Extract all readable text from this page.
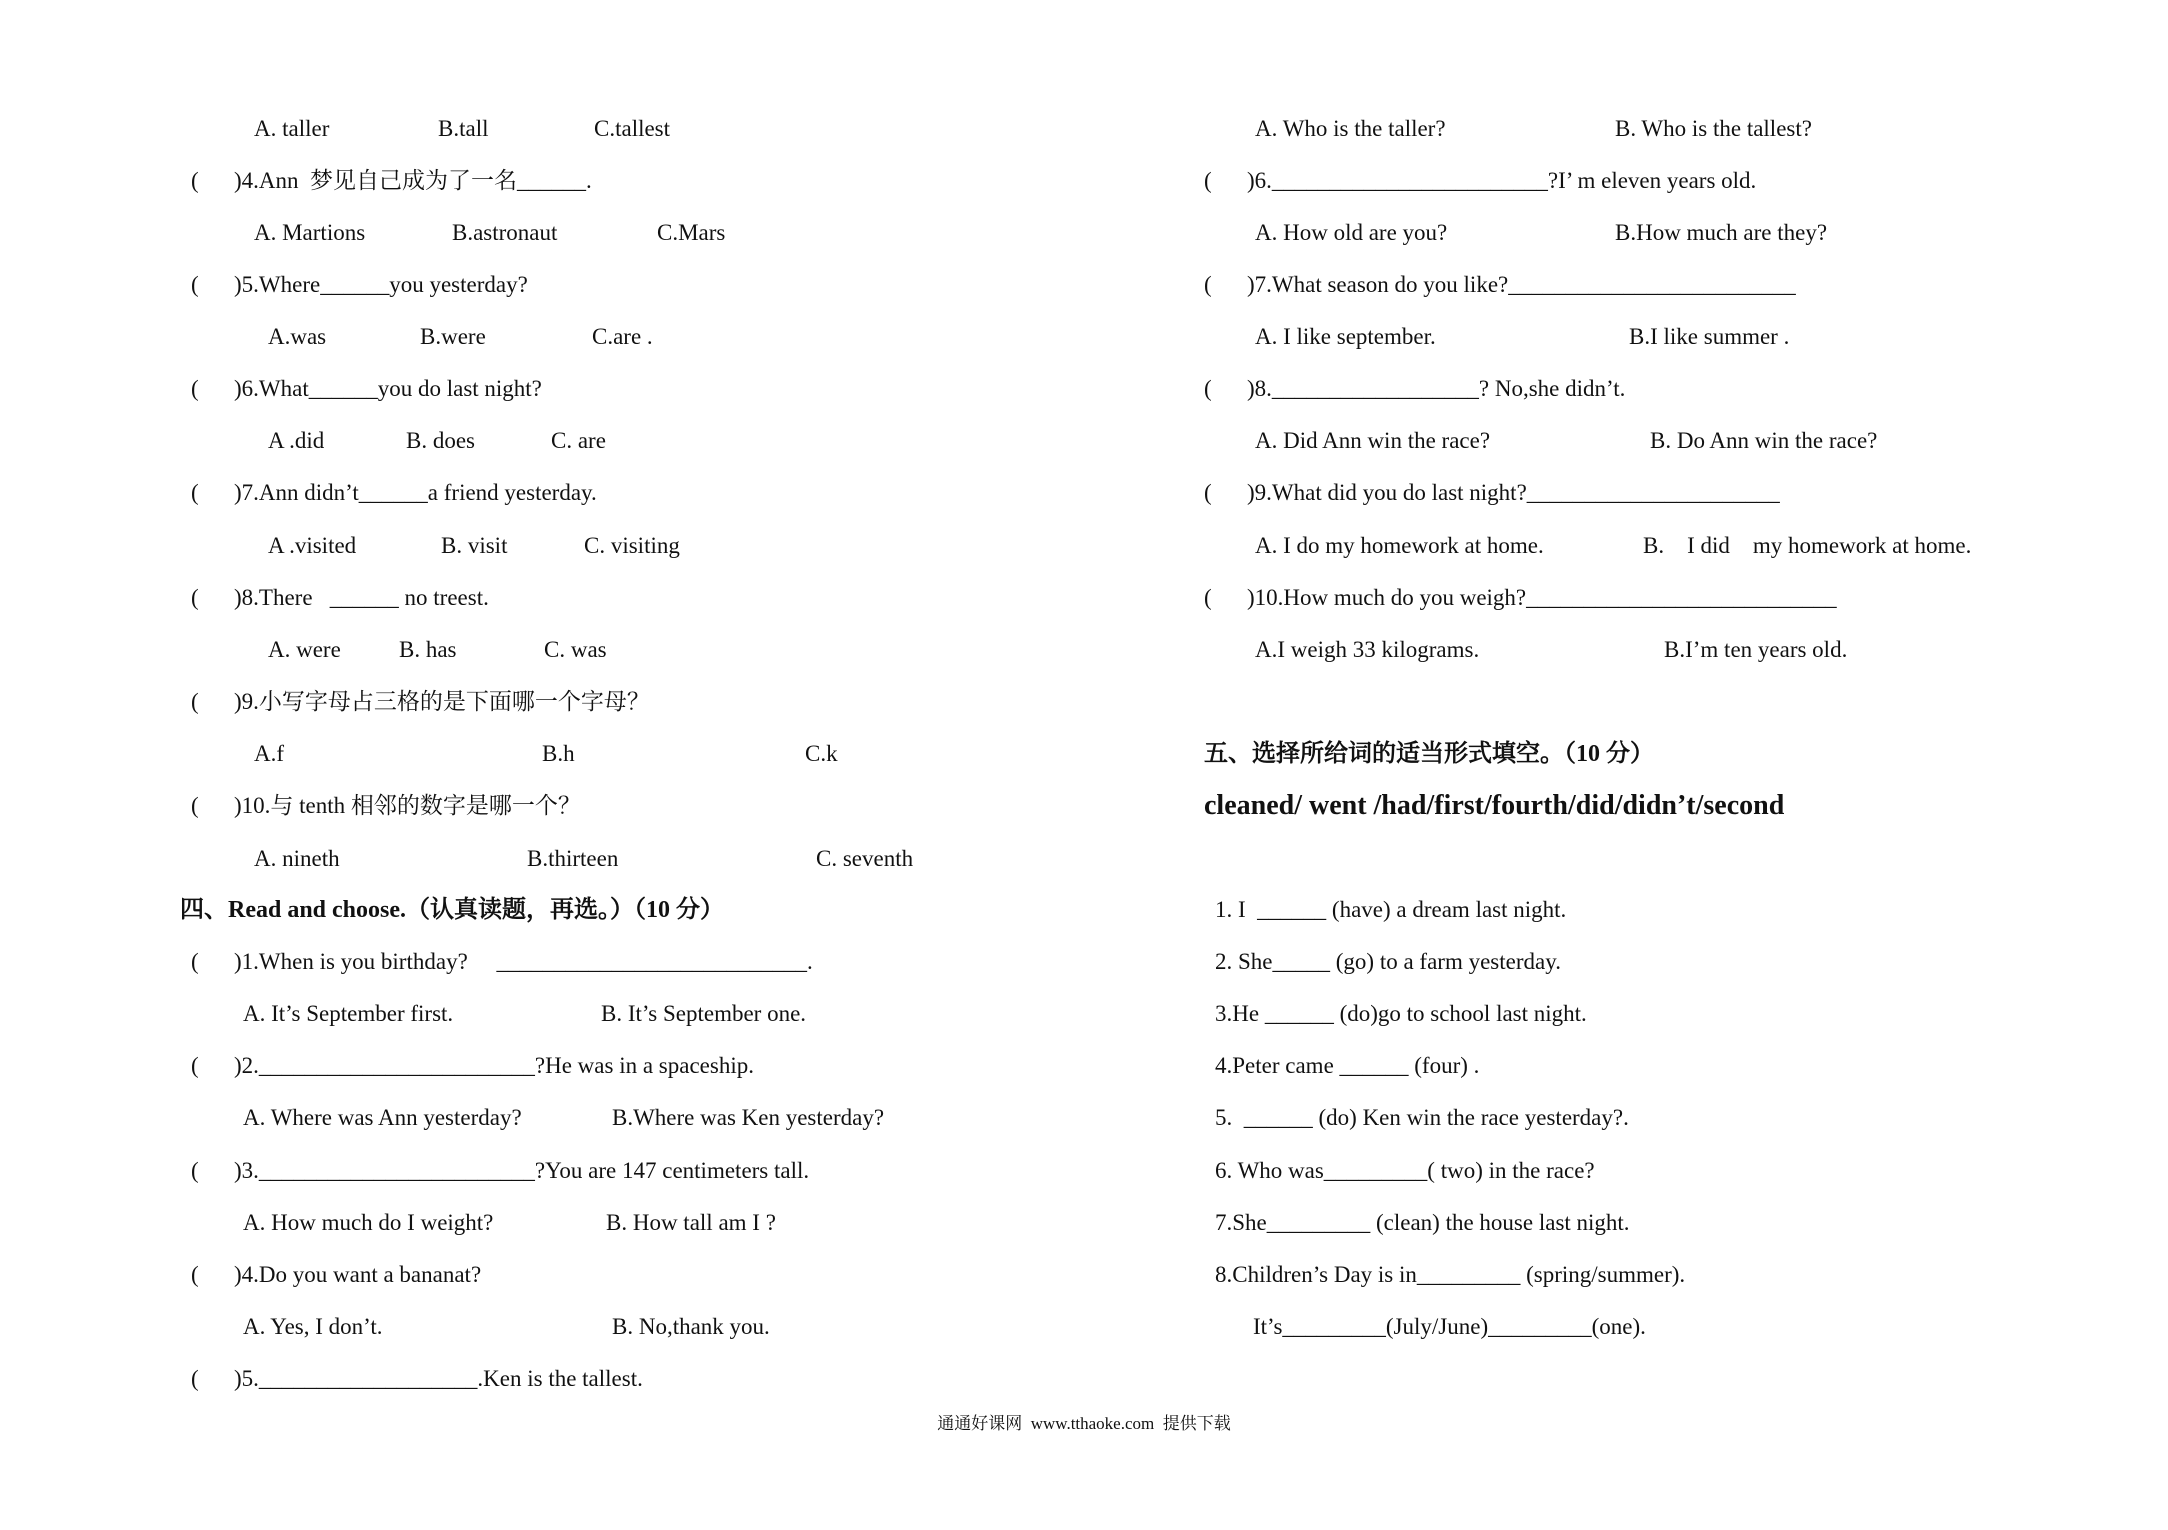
A. taller	B.tall	C.tallest
( )4.Ann  梦见自己成为了一名______.
A. Martions	B.astronaut	C.Mars
( )5.Where______you yesterday?
A.was	B.were	C.are .
( )6.What______you do last night?
A .did	B. does	C. are
( )7.Ann didn’t______a friend yesterday.
A .visited	B. visit	C. visiting
( )8.There   ______ no treest.
A. were	B. has	C. was
( )9.小写字母占三格的是下面哪一个字母？
A.f	B.h	C.k
( )10.与 tenth 相邻的数字是哪一个？
A. nineth	B.thirteen	C. seventh
四、Read and choose.（认真读题，再选。）（10 分）
( )1.When is you birthday?     ___________________________.
A. It’s September first.	B. It’s September one.
( )2.________________________?He was in a spaceship.
A. Where was Ann yesterday?	B.Where was Ken yesterday?
( )3.________________________?You are 147 centimeters tall.
A. How much do I weight?	B. How tall am I ?
( )4.Do you want a bananat?
A. Yes, I don’t.	B. No,thank you.
( )5.___________________.Ken is the tallest.
A. Who is the taller?	B. Who is the tallest?
( )6.________________________?I’ m eleven years old.
A. How old are you?	B.How much are they?
( )7.What season do you like?_________________________
A. I like september.	B.I like summer .
( )8.__________________? No,she didn’t.
A. Did Ann win the race?	B. Do Ann win the race?
( )9.What did you do last night?______________________
A. I do my homework at home.	B.    I did    my homework at home.
( )10.How much do you weigh?___________________________
A.I weigh 33 kilograms.	B.I’m ten years old.
五、选择所给词的适当形式填空。（10 分）
cleaned/ went /had/first/fourth/did/didn’t/second
1. I  ______ (have) a dream last night.
2. She_____ (go) to a farm yesterday.
3.He ______ (do)go to school last night.
4.Peter came ______ (four) .
5.  ______ (do) Ken win the race yesterday?.
6. Who was_________( two) in the race?
7.She_________ (clean) the house last night.
8.Children’s Day is in_________ (spring/summer).
It’s_________(July/June)_________(one).
通通好课网  www.tthaoke.com  提供下载
